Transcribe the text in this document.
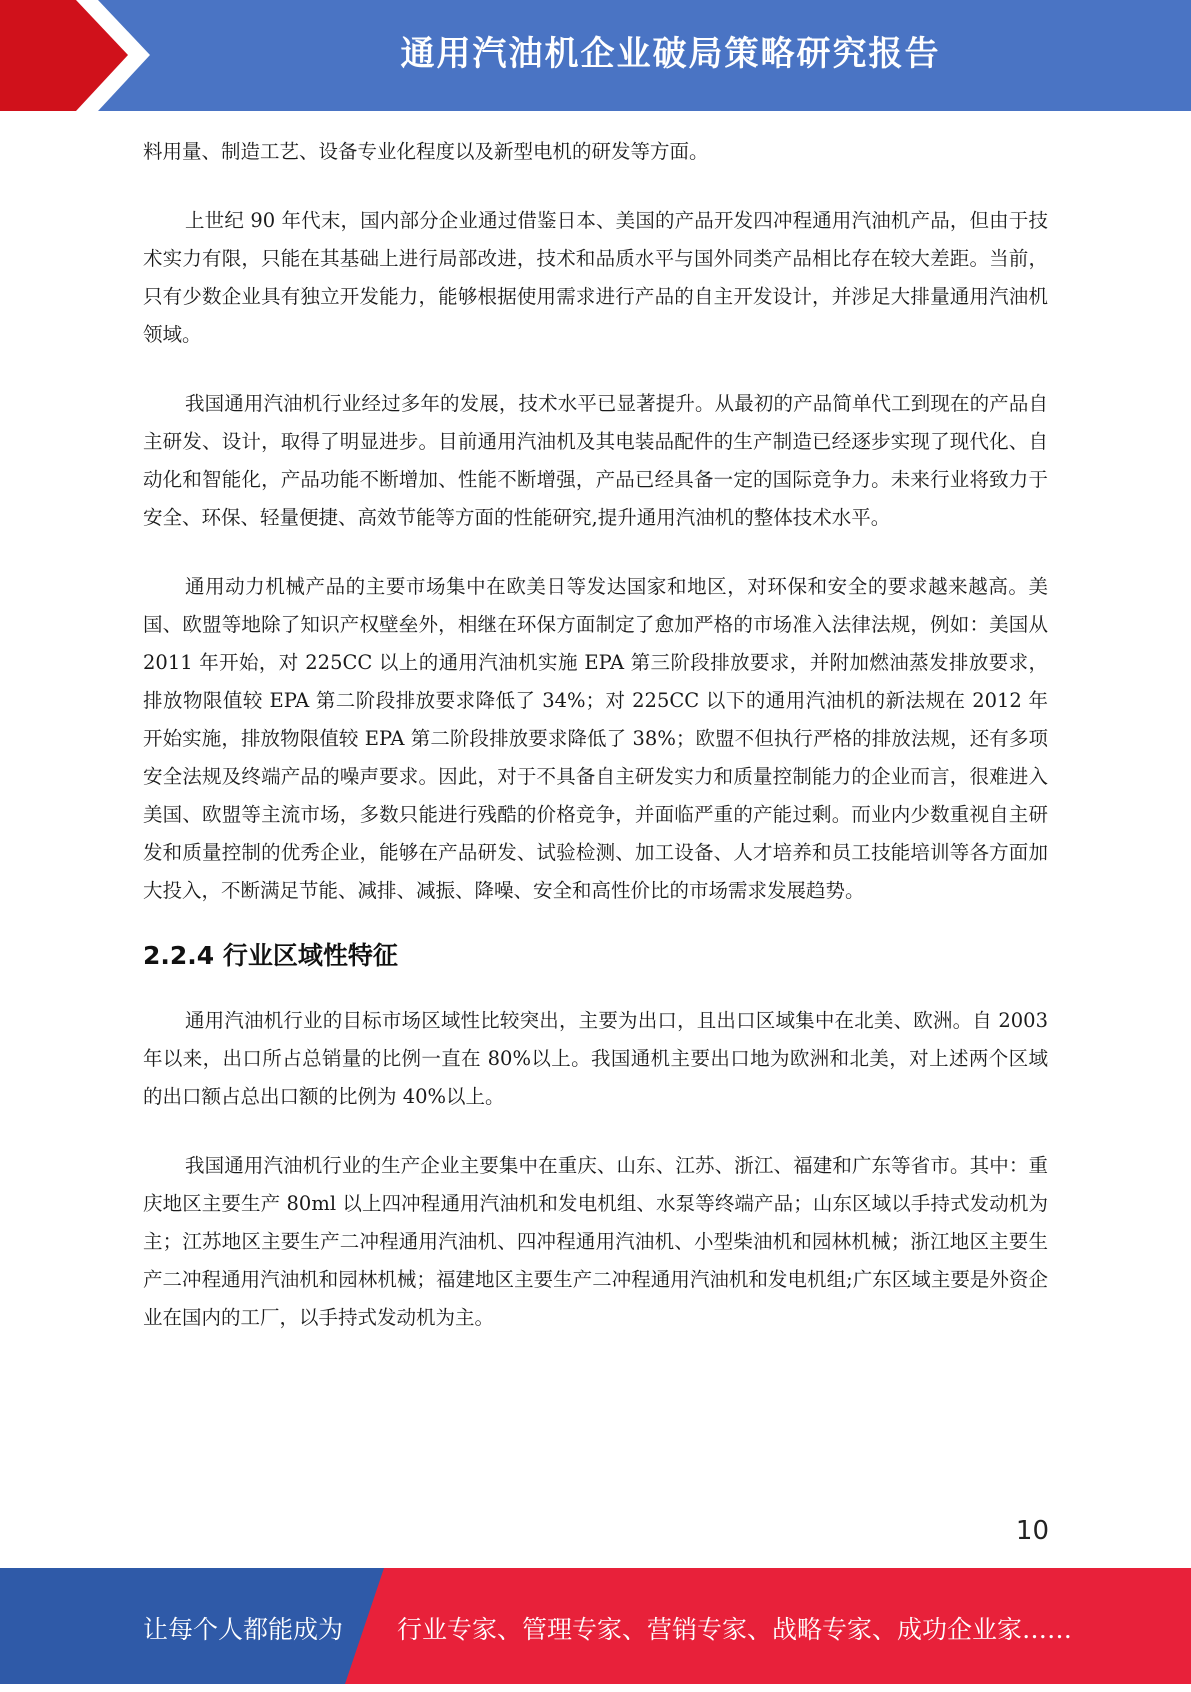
通用汽油机企业破局策略研究报告

料用量、制造工艺、设备专业化程度以及新型电机的研发等方面。

上世纪 90 年代末，国内部分企业通过借鉴日本、美国的产品开发四冲程通用汽油机产品，但由于技术实力有限，只能在其基础上进行局部改进，技术和品质水平与国外同类产品相比存在较大差距。当前，只有少数企业具有独立开发能力，能够根据使用需求进行产品的自主开发设计，并涉足大排量通用汽油机领域。

我国通用汽油机行业经过多年的发展，技术水平已显著提升。从最初的产品简单代工到现在的产品自主研发、设计，取得了明显进步。目前通用汽油机及其电装品配件的生产制造已经逐步实现了现代化、自动化和智能化，产品功能不断增加、性能不断增强，产品已经具备一定的国际竞争力。未来行业将致力于安全、环保、轻量便捷、高效节能等方面的性能研究,提升通用汽油机的整体技术水平。

通用动力机械产品的主要市场集中在欧美日等发达国家和地区，对环保和安全的要求越来越高。美国、欧盟等地除了知识产权壁垒外，相继在环保方面制定了愈加严格的市场准入法律法规，例如：美国从 2011 年开始，对 225CC 以上的通用汽油机实施 EPA 第三阶段排放要求，并附加燃油蒸发排放要求，排放物限值较 EPA 第二阶段排放要求降低了 34%；对 225CC 以下的通用汽油机的新法规在 2012 年开始实施，排放物限值较 EPA 第二阶段排放要求降低了 38%；欧盟不但执行严格的排放法规，还有多项安全法规及终端产品的噪声要求。因此，对于不具备自主研发实力和质量控制能力的企业而言，很难进入美国、欧盟等主流市场，多数只能进行残酷的价格竞争，并面临严重的产能过剩。而业内少数重视自主研发和质量控制的优秀企业，能够在产品研发、试验检测、加工设备、人才培养和员工技能培训等各方面加大投入，不断满足节能、减排、减振、降噪、安全和高性价比的市场需求发展趋势。

2.2.4 行业区域性特征

通用汽油机行业的目标市场区域性比较突出，主要为出口，且出口区域集中在北美、欧洲。自 2003 年以来，出口所占总销量的比例一直在 80%以上。我国通机主要出口地为欧洲和北美，对上述两个区域的出口额占总出口额的比例为 40%以上。

我国通用汽油机行业的生产企业主要集中在重庆、山东、江苏、浙江、福建和广东等省市。其中：重庆地区主要生产 80ml 以上四冲程通用汽油机和发电机组、水泵等终端产品；山东区域以手持式发动机为主；江苏地区主要生产二冲程通用汽油机、四冲程通用汽油机、小型柴油机和园林机械；浙江地区主要生产二冲程通用汽油机和园林机械；福建地区主要生产二冲程通用汽油机和发电机组;广东区域主要是外资企业在国内的工厂，以手持式发动机为主。

10
让每个人都能成为 行业专家、管理专家、营销专家、战略专家、成功企业家……
